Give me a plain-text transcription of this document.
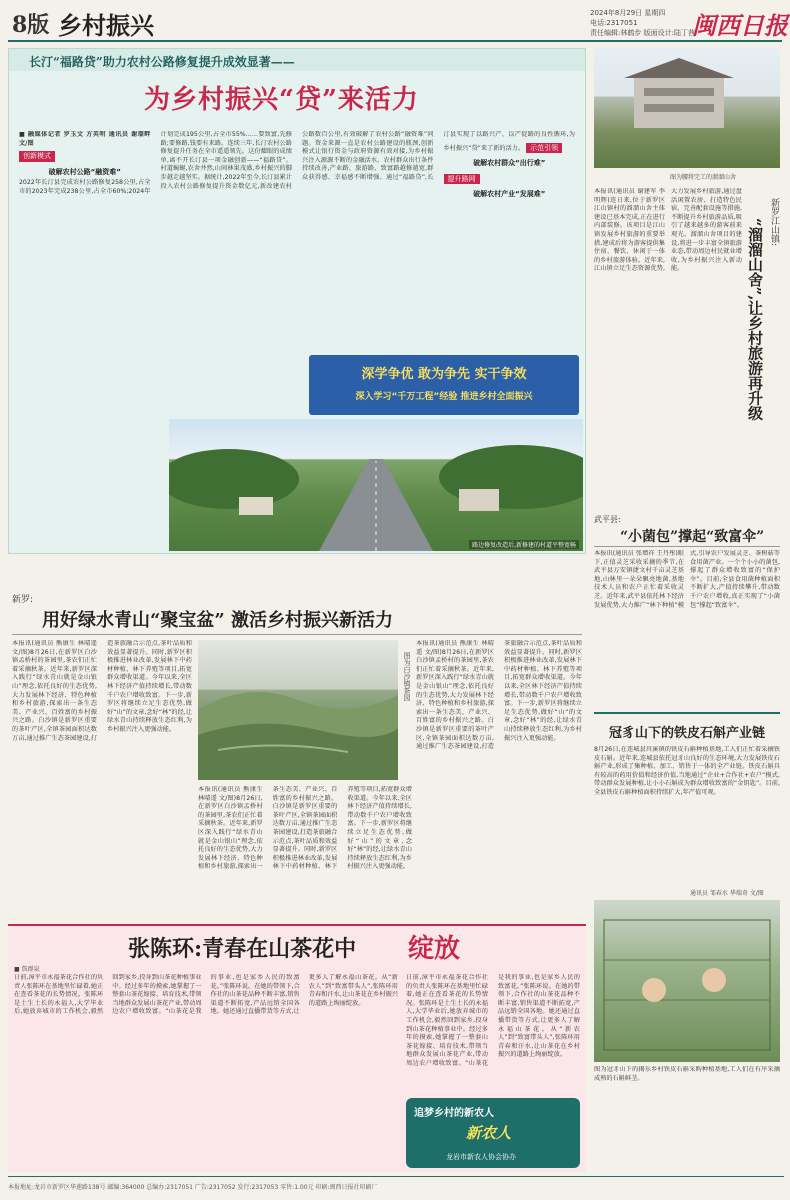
8版 乡村振兴	2024年8月29日 星期四
电话:2317051
责任编辑:林鹤步 版面设计:陆丁茜
闽西日报
长汀“福路贷”助力农村公路修复提升成效显著——
为乡村振兴“贷”来活力
■ 融媒体记者 罗玉文 方英明 通讯员 谢璟畔 文/图
创新模式
破解农村公路“融资难”
2022年长汀县完成农村公路修复258公里,占全市的2023年完成238公里,占全市60%;2024年计划完成195公里,占全市55%……要致富,先修路;要修路,钱要有来路。连续三年,长汀农村公路修复提升任务在全市遥遥领先。这份耀眼的成绩单,离不开长汀县一项金融创新——“福路贷”。村道蜿蜒,农舍井然,山间林果茂盛,乡村振兴的脚步越走越坚实。据统计,2022年至今,长汀县累计投入农村公路修复提升资金数亿元,新改建农村公路数百公里,有效破解了农村公路“融资难”问题。资金来源一直是农村公路建设的瓶颈,创新模式让银行资金与政府资源有效对接,为乡村振兴注入源源不断的金融活水。农村群众出行条件持续改善,产业路、旅游路、致富路越修越宽,群众获得感、幸福感不断增强。通过“福路贷”,长汀县实现了以路兴产、以产促路的良性循环,为乡村振兴“贷”来了新的活力。 示范引领
破解农村群众“出行难”
提升路网
破解农村产业“发展难”
深学争优 敢为争先 实干争效
深入学习“千万工程”经验 推进乡村全面振兴
路边修复改造后,新修建的村道平整宽畅
图为腰将完工的溜溜山舍
新罗江山镇:
“溜溜山舍”,让乡村旅游再升级
本报讯(通讯员 谢建军 李明辉)连日来,位于新罗区江山镇村的溜溜山舍主体建设已基本完成,正在进行内部装修。该项目是江山镇发展乡村旅游的重要举措,建成后将为游客提供集住宿、餐饮、休闲于一体的乡村旅游体验。近年来,江山镇立足生态资源优势,大力发展乡村旅游,通过盘活闲置农房、打造特色民宿、完善配套设施等措施,不断提升乡村旅游品质,吸引了越来越多的游客前来观光。溜溜山舍项目的建设,将进一步丰富全镇旅游业态,带动周边村民就业增收,为乡村振兴注入新动能。
武平县:
“小菌包”撑起“致富伞”
本报讯(通讯员 张增祥 王丹彤)眼下,正值灵芝采收采摘的季节,在武平县万安镇捷文村千亩灵芝基地,山林里一朵朵飘亮地菌,基地技术人员和农户正忙着采收灵芝。近年来,武平县依托林下经济发展优势,大力推广“林下种植”模式,引导农户发展灵芝、茶树菇等食用菌产业。一个个小小的菌包,撑起了群众增收致富的“保护伞”。目前,全县食用菌种植面积不断扩大,产值持续攀升,带动数千户农户增收,真正实现了“小菌包”撑起“致富伞”。
新罗:
用好绿水青山“聚宝盆” 激活乡村振兴新活力
本报讯(通讯员 熊康生 林晴遥 文/图)8月26日,在新罗区白沙镇孟桥村的茶园里,茶农们正忙着采摘秋茶。近年来,新罗区深入践行“绿水青山就是金山银山”理念,依托良好的生态优势,大力发展林下经济、特色种植和乡村旅游,探索出一条生态美、产业兴、百姓富的乡村振兴之路。白沙镇是新罗区重要的茶叶产区,全镇茶园面积达数万亩,通过推广生态茶园建设,打造茶旅融合示范点,茶叶品质和效益显著提升。同时,新罗区积极推进林业改革,发展林下中药材种植、林下养殖等项目,拓宽群众增收渠道。今年以来,全区林下经济产值持续增长,带动数千户农户增收致富。下一步,新罗区将继续立足生态优势,做好“山”的文章,念好“林”的经,让绿水青山持续释放生态红利,为乡村振兴注入更强动能。
图为白沙镇茶园
本报讯(通讯员 熊康生 林晴遥 文/图)8月26日,在新罗区白沙镇孟桥村的茶园里,茶农们正忙着采摘秋茶。近年来,新罗区深入践行“绿水青山就是金山银山”理念,依托良好的生态优势,大力发展林下经济、特色种植和乡村旅游,探索出一条生态美、产业兴、百姓富的乡村振兴之路。白沙镇是新罗区重要的茶叶产区,全镇茶园面积达数万亩,通过推广生态茶园建设,打造茶旅融合示范点,茶叶品质和效益显著提升。同时,新罗区积极推进林业改革,发展林下中药材种植、林下养殖等项目,拓宽群众增收渠道。今年以来,全区林下经济产值持续增长,带动数千户农户增收致富。下一步,新罗区将继续立足生态优势,做好“山”的文章,念好“林”的经,让绿水青山持续释放生态红利,为乡村振兴注入更强动能。
本报讯(通讯员 熊康生 林晴遥 文/图)8月26日,在新罗区白沙镇孟桥村的茶园里,茶农们正忙着采摘秋茶。近年来,新罗区深入践行“绿水青山就是金山银山”理念,依托良好的生态优势,大力发展林下经济、特色种植和乡村旅游,探索出一条生态美、产业兴、百姓富的乡村振兴之路。白沙镇是新罗区重要的茶叶产区,全镇茶园面积达数万亩,通过推广生态茶园建设,打造茶旅融合示范点,茶叶品质和效益显著提升。同时,新罗区积极推进林业改革,发展林下中药材种植、林下养殖等项目,拓宽群众增收渠道。今年以来,全区林下经济产值持续增长,带动数千户农户增收致富。下一步,新罗区将继续立足生态优势,做好“山”的文章,念好“林”的经,让绿水青山持续释放生态红利,为乡村振兴注入更强动能。
冠豸山下的铁皮石斛产业链
8月26日,在连城县莒溪镇的铁皮石斛种植基地,工人们正忙着采摘铁皮石斛。近年来,连城县依托冠豸山良好的生态环境,大力发展铁皮石斛产业,形成了集种植、加工、销售于一体的全产业链。铁皮石斛具有较高的药用价值和经济价值,当地通过“企业+合作社+农户”模式,带动群众发展种植,让小小石斛成为群众增收致富的“金钥匙”。目前,全县铁皮石斛种植面积持续扩大,年产值可观。
通讯员 邹春水 华瑞奇 文/图
图为冠豸山下的揭乐乡村铁皮石斛采购种植基地,工人们在有序采摘成熟的石斛鲜茎。
张陈环:青春在山茶花中 绽放
■ 詹群泉
日前,漳平市永福茶花合作社的负责人张陈环在基地里忙碌着,她正在查看茶花的长势情况。张陈环是土生土长的永福人,大学毕业后,她放弃城市的工作机会,毅然回到家乡,投身到山茶花种植事业中。经过多年的摸索,她掌握了一整套山茶花嫁接、培育技术,带领当地群众发展山茶花产业,带动周边农户增收致富。“山茶花是我的事业,也是家乡人民的致富花。”张陈环说。在她的带领下,合作社的山茶花品种不断丰富,销售渠道不断拓宽,产品远销全国各地。她还通过直播带货等方式,让更多人了解永福山茶花。从“新农人”到“致富带头人”,张陈环用青春和汗水,让山茶花在乡村振兴的道路上绚丽绽放。
日前,漳平市永福茶花合作社的负责人张陈环在基地里忙碌着,她正在查看茶花的长势情况。张陈环是土生土长的永福人,大学毕业后,她放弃城市的工作机会,毅然回到家乡,投身到山茶花种植事业中。经过多年的摸索,她掌握了一整套山茶花嫁接、培育技术,带领当地群众发展山茶花产业,带动周边农户增收致富。“山茶花是我的事业,也是家乡人民的致富花。”张陈环说。在她的带领下,合作社的山茶花品种不断丰富,销售渠道不断拓宽,产品远销全国各地。她还通过直播带货等方式,让更多人了解永福山茶花。从“新农人”到“致富带头人”,张陈环用青春和汗水,让山茶花在乡村振兴的道路上绚丽绽放。
追梦乡村的新农人
新农人
龙岩市新农人协会协办
本报地址:龙岩市新罗区华莲路138号 邮编:364000 总编办:2317051 广告:2317052 发行:2317053 零售:1.00元 印刷:闽西日报社印刷厂
